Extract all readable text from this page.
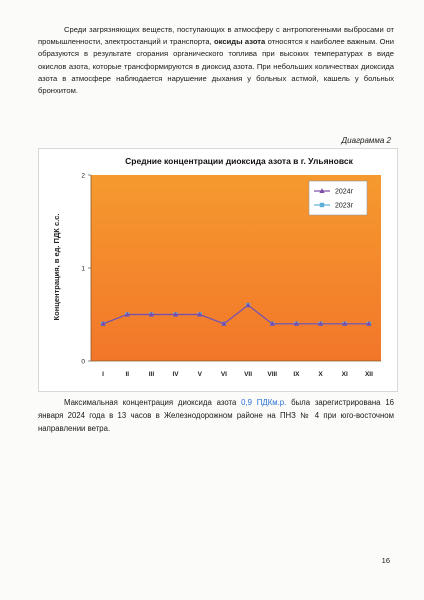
Среди загрязняющих веществ, поступающих в атмосферу с антропогенными выбросами от промышленности, электростанций и транспорта, оксиды азота относятся к наиболее важным. Они образуются в результате сгорания органического топлива при высоких температурах в виде окислов азота, которые трансформируются в диоксид азота. При небольших количествах диоксида азота в атмосфере наблюдается нарушение дыхания у больных астмой, кашель у больных бронхитом.
Диаграмма 2
Средние концентрации диоксида азота в г. Ульяновск
Концентрация, в ед. ПДК с.с.
0
1
2
I	II	III	IV	V	VI	VII VIII IX	X	XI	XII
2024г
2023г
Максимальная концентрация диоксида азота 0,9 ПДКм.р. была зарегистрирована 16 января 2024 года в 13 часов в Железнодорожном районе на ПНЗ № 4 при юго-восточном направлении ветра.
16
